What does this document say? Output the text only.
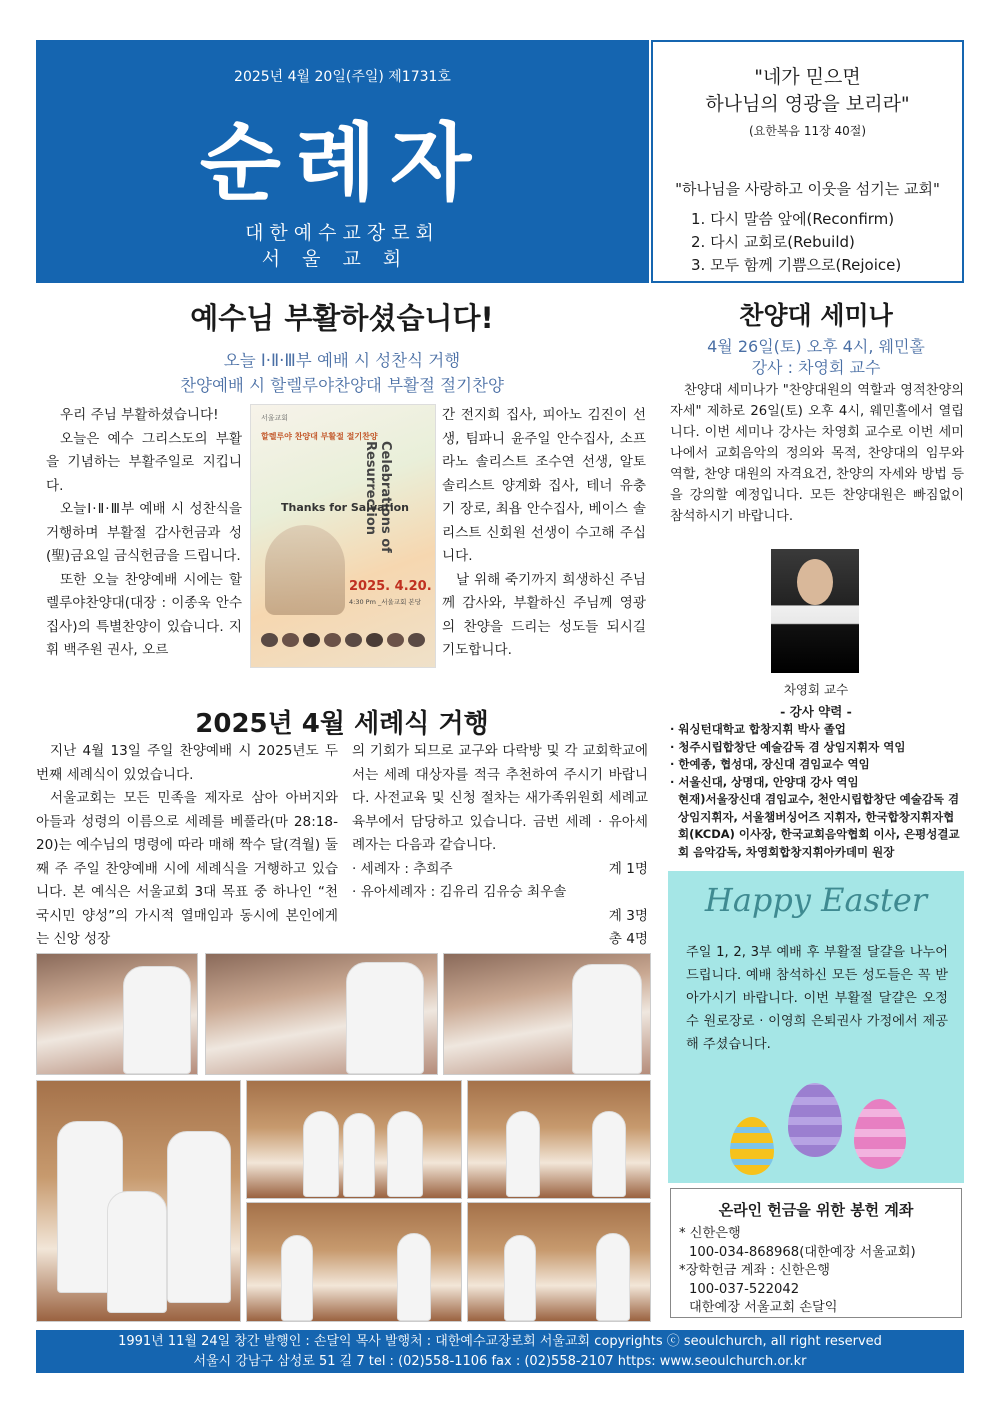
2025년 4월 20일(주일) 제1731호
순례자
대한예수교장로회
서울교회
"네가 믿으면
하나님의 영광을 보리라"
(요한복음 11장 40절)
"하나님을 사랑하고 이웃을 섬기는 교회"
1. 다시 말씀 앞에(Reconfirm)
2. 다시 교회로(Rebuild)
3. 모두 함께 기쁨으로(Rejoice)
예수님 부활하셨습니다!
오늘 Ⅰ·Ⅱ·Ⅲ부 예배 시 성찬식 거행
찬양예배 시 할렐루야찬양대 부활절 절기찬양

우리 주님 부활하셨습니다!

오늘은 예수 그리스도의 부활을 기념하는 부활주일로 지킵니다.

오늘Ⅰ·Ⅱ·Ⅲ부 예배 시 성찬식을 거행하며 부활절 감사헌금과 성(聖)금요일 금식헌금을 드립니다.

또한 오늘 찬양예배 시에는 할렐루야찬양대(대장 : 이종욱 안수집사)의 특별찬양이 있습니다. 지휘 백주원 권사, 오르

서울교회
할렐루야 찬양대 부활절 절기찬양
Celebrations of Resurrection
Thanks for Salvation
2025. 4.20.
4:30 Pm _서울교회 본당

간 전지희 집사, 피아노 김진이 선생, 팀파니 윤주일 안수집사, 소프라노 솔리스트 조수연 선생, 알토 솔리스트 양계화 집사, 테너 유충기 장로, 최욥 안수집사, 베이스 솔리스트 신회원 선생이 수고해 주십니다.

날 위해 죽기까지 희생하신 주님께 감사와, 부활하신 주님께 영광의 찬양을 드리는 성도들 되시길 기도합니다.

2025년 4월 세례식 거행

지난 4월 13일 주일 찬양예배 시 2025년도 두 번째 세례식이 있었습니다.

서울교회는 모든 민족을 제자로 삼아 아버지와 아들과 성령의 이름으로 세례를 베풀라(마 28:18-20)는 예수님의 명령에 따라 매해 짝수 달(격월) 둘째 주 주일 찬양예배 시에 세례식을 거행하고 있습니다. 본 예식은 서울교회 3대 목표 중 하나인 “천국시민 양성”의 가시적 열매임과 동시에 본인에게는 신앙 성장

의 기회가 되므로 교구와 다락방 및 각 교회학교에서는 세례 대상자를 적극 추천하여 주시기 바랍니다. 사전교육 및 신청 절차는 새가족위원회 세례교육부에서 담당하고 있습니다. 금번 세례 · 유아세례자는 다음과 같습니다.

· 세례자 : 추희주	계 1명
· 유아세례자 : 김유리 김유승 최우솔
계 3명
총 4명
찬양대 세미나
4월 26일(토) 오후 4시, 웨민홀
강사 : 차영회 교수

찬양대 세미나가 "찬양대원의 역할과 영적찬양의 자세" 제하로 26일(토) 오후 4시, 웨민홀에서 열립니다. 이번 세미나 강사는 차영회 교수로 이번 세미나에서 교회음악의 정의와 목적, 찬양대의 임무와 역할, 찬양 대원의 자격요건, 찬양의 자세와 방법 등을 강의할 예정입니다. 모든 찬양대원은 빠짐없이 참석하시기 바랍니다.

차영회 교수
- 강사 약력 -
· 워싱턴대학교 합창지휘 박사 졸업
· 청주시립합창단 예술감독 겸 상임지휘자 역임
· 한예종, 협성대, 장신대 겸임교수 역임
· 서울신대, 상명대, 안양대 강사 역임
현재)서울장신대 겸임교수, 천안시립합창단 예술감독 겸 상임지휘자, 서울챔버싱어즈 지휘자, 한국합창지휘자협회(KCDA) 이사장, 한국교회음악협회 이사, 은평성결교회 음악감독, 차영회합창지휘아카데미 원장
Happy Easter
주일 1, 2, 3부 예배 후 부활절 달걀을 나누어 드립니다. 예배 참석하신 모든 성도들은 꼭 받아가시기 바랍니다. 이번 부활절 달걀은 오정수 원로장로 · 이영희 은퇴권사 가정에서 제공해 주셨습니다.
온라인 헌금을 위한 봉헌 계좌
* 신한은행
100-034-868968(대한예장 서울교회)
*장학헌금 계좌 : 신한은행
100-037-522042
대한예장 서울교회 손달익
1991년 11월 24일 창간 발행인 : 손달익 목사 발행처 : 대한예수교장로회 서울교회 copyrights ⓒ seoulchurch, all right reserved
서울시 강남구 삼성로 51 길 7 tel : (02)558-1106 fax : (02)558-2107 https: www.seoulchurch.or.kr
